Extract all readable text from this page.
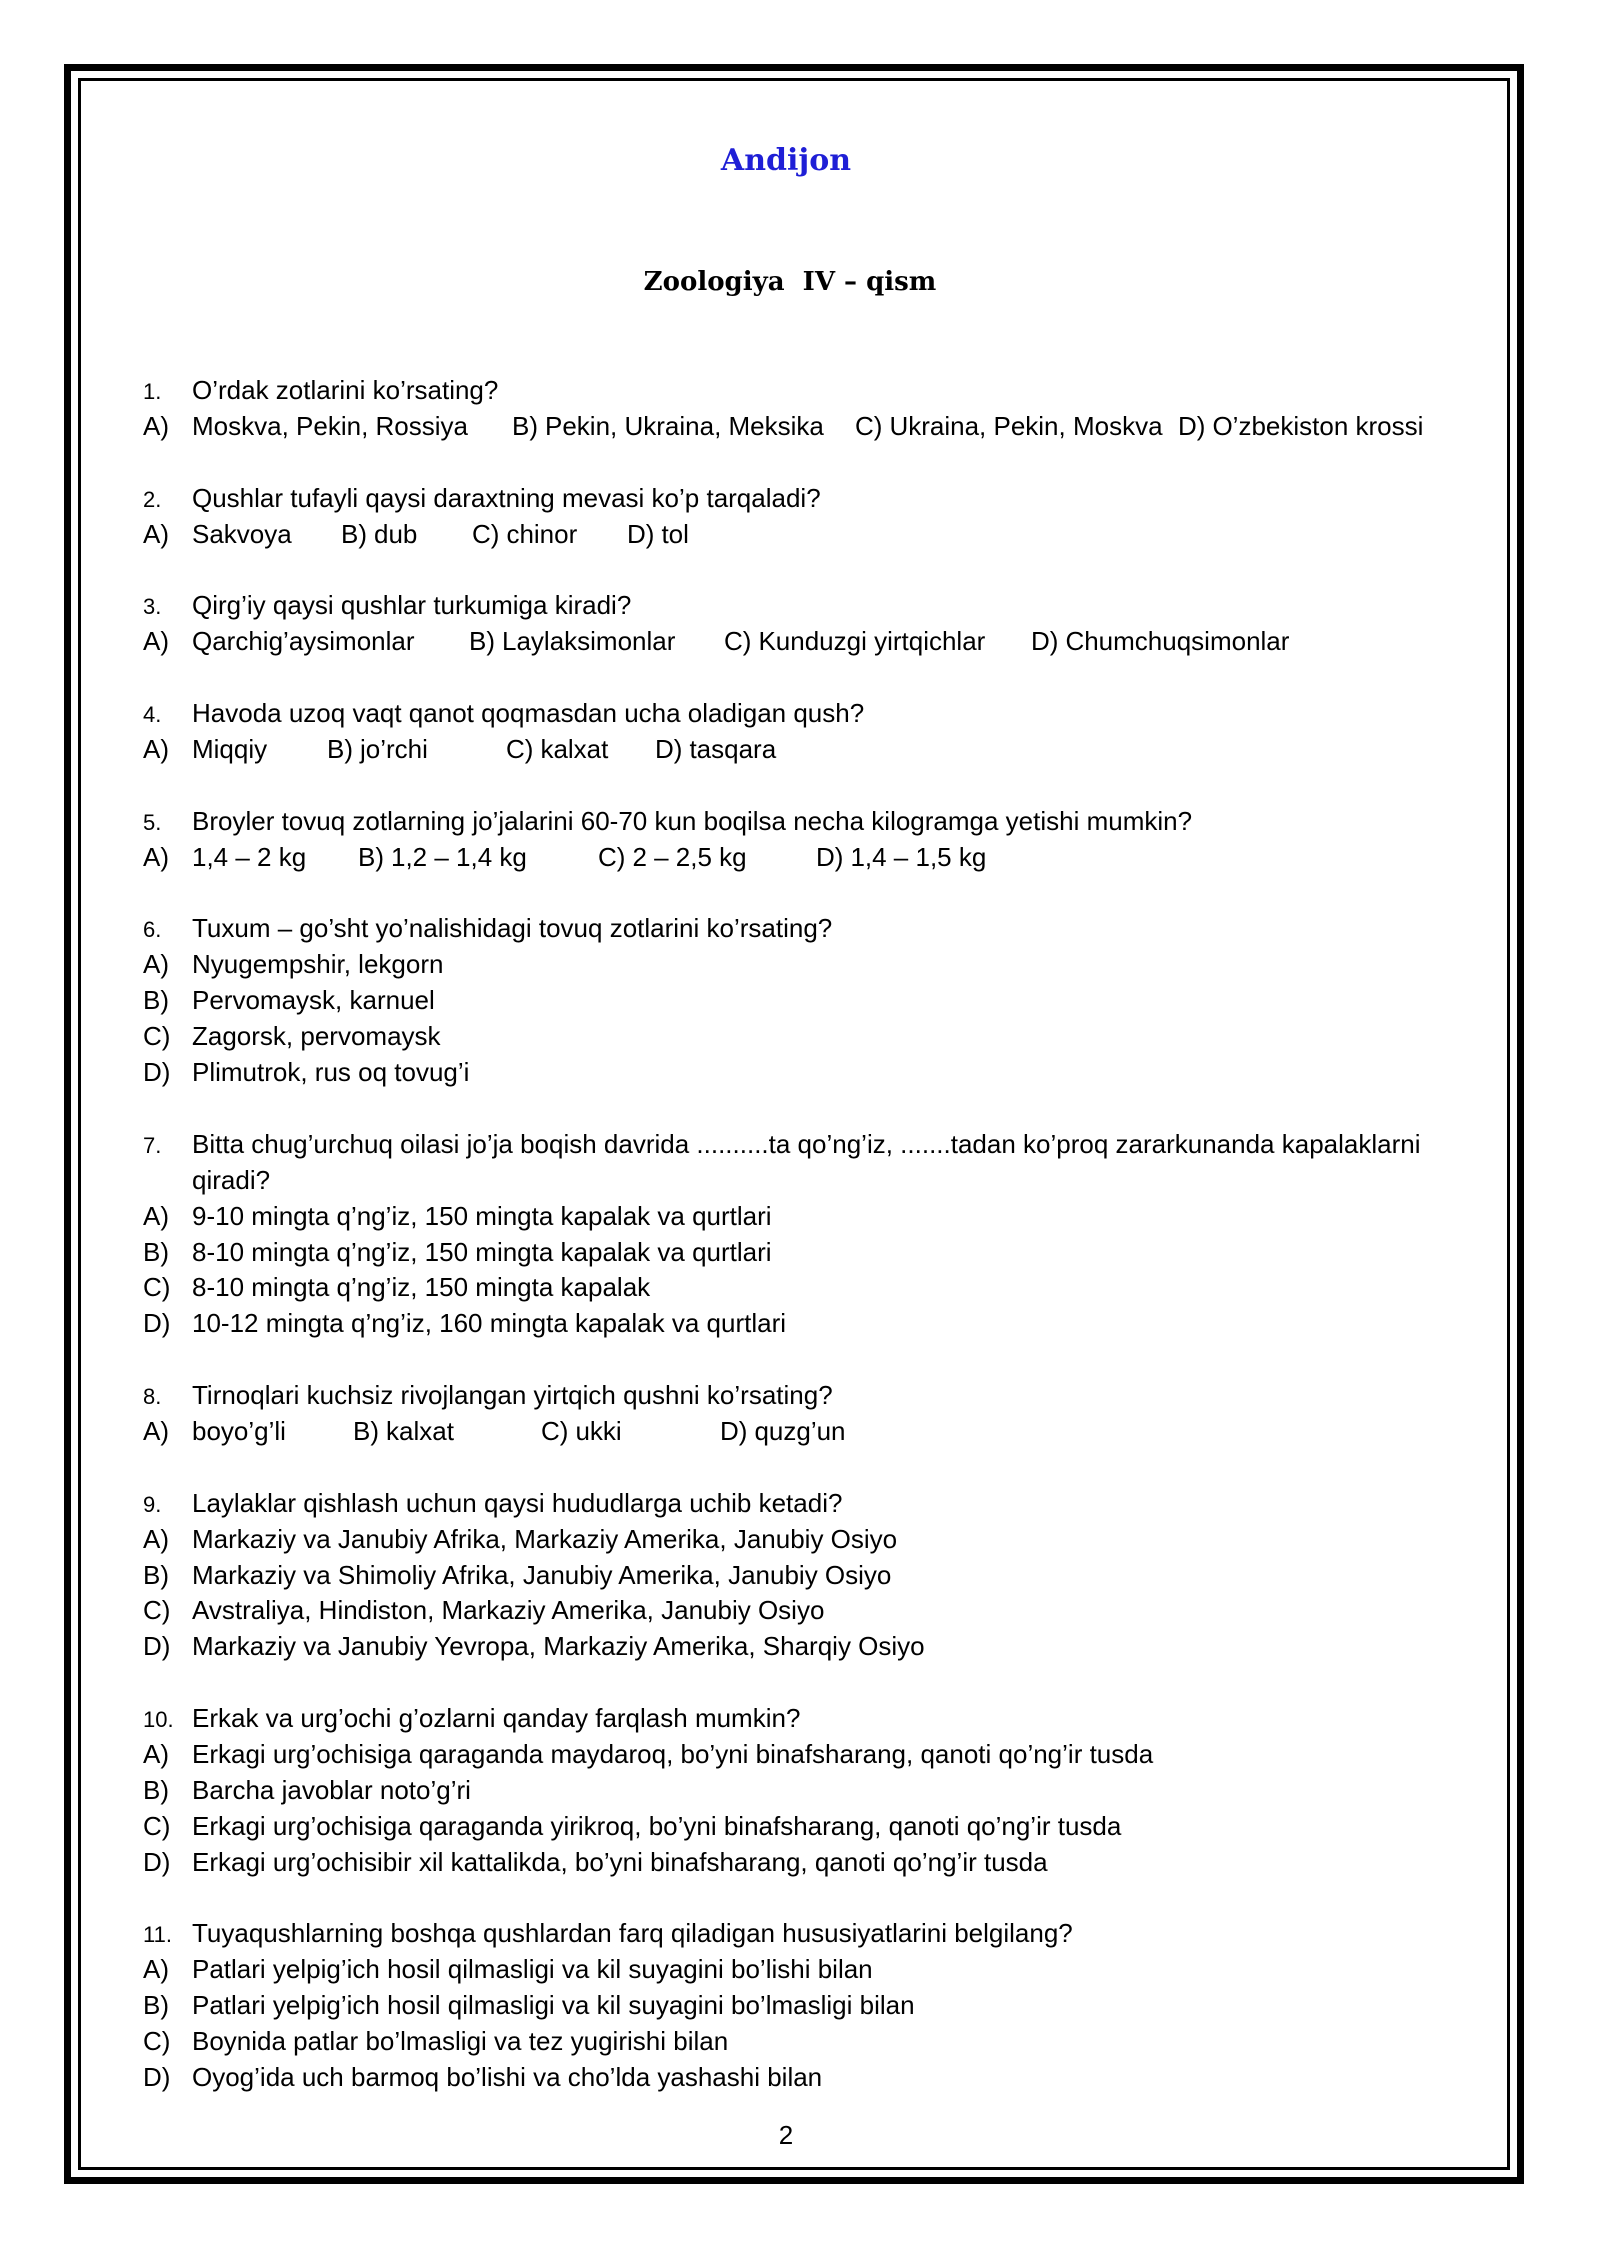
Andijon
Zoologiya  IV – qism
1. O’rdak zotlarini ko’rsating?
A) Moskva, Pekin, Rossiya B) Pekin, Ukraina, Meksika C) Ukraina, Pekin, Moskva D) O’zbekiston krossi
2. Qushlar tufayli qaysi daraxtning mevasi ko’p tarqaladi?
A) Sakvoya B) dub C) chinor D) tol
3. Qirg’iy qaysi qushlar turkumiga kiradi?
A) Qarchig’aysimonlar B) Laylaksimonlar C) Kunduzgi yirtqichlar D) Chumchuqsimonlar
4. Havoda uzoq vaqt qanot qoqmasdan ucha oladigan qush?
A) Miqqiy B) jo’rchi	C) kalxat D) tasqara
5. Broyler tovuq zotlarning jo’jalarini 60-70 kun boqilsa necha kilogramga yetishi mumkin?
A) 1,4 – 2 kg B) 1,2 – 1,4 kg	C) 2 – 2,5 kg	D) 1,4 – 1,5 kg
6. Tuxum – go’sht yo’nalishidagi tovuq zotlarini ko’rsating?
A) Nyugempshir, lekgorn
B) Pervomaysk, karnuel
C) Zagorsk, pervomaysk
D) Plimutrok, rus oq tovug’i
7. Bitta chug’urchuq oilasi jo’ja boqish davrida ..........ta qo’ng’iz, .......tadan ko’proq zararkunanda kapalaklarni qiradi?
A) 9-10 mingta q’ng’iz, 150 mingta kapalak va qurtlari
B) 8-10 mingta q’ng’iz, 150 mingta kapalak va qurtlari
C) 8-10 mingta q’ng’iz, 150 mingta kapalak
D) 10-12 mingta q’ng’iz, 160 mingta kapalak va qurtlari
8. Tirnoqlari kuchsiz rivojlangan yirtqich qushni ko’rsating?
A) boyo’g’li	B) kalxat	C) ukki	D) quzg’un
9. Laylaklar qishlash uchun qaysi hududlarga uchib ketadi?
A) Markaziy va Janubiy Afrika, Markaziy Amerika, Janubiy Osiyo
B) Markaziy va Shimoliy Afrika, Janubiy Amerika, Janubiy Osiyo
C) Avstraliya, Hindiston, Markaziy Amerika, Janubiy Osiyo
D) Markaziy va Janubiy Yevropa, Markaziy Amerika, Sharqiy Osiyo
10. Erkak va urg’ochi g’ozlarni qanday farqlash mumkin?
A) Erkagi urg’ochisiga qaraganda maydaroq, bo’yni binafsharang, qanoti qo’ng’ir tusda
B) Barcha javoblar noto’g’ri
C) Erkagi urg’ochisiga qaraganda yirikroq, bo’yni binafsharang, qanoti qo’ng’ir tusda
D) Erkagi urg’ochisibir xil kattalikda, bo’yni binafsharang, qanoti qo’ng’ir tusda
11. Tuyaqushlarning boshqa qushlardan farq qiladigan hususiyatlarini belgilang?
A) Patlari yelpig’ich hosil qilmasligi va kil suyagini bo’lishi bilan
B) Patlari yelpig’ich hosil qilmasligi va kil suyagini bo’lmasligi bilan
C) Boynida patlar bo’lmasligi va tez yugirishi bilan
D) Oyog’ida uch barmoq bo’lishi va cho’lda yashashi bilan
2
